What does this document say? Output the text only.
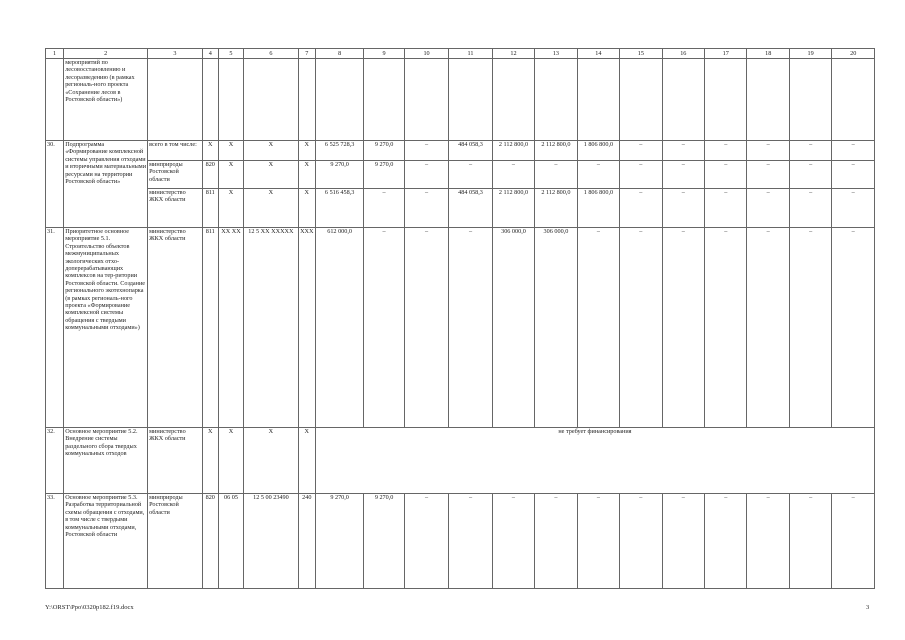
1	2	3	4	5	6	7	8	9	10	11	12	13	14	15	16	17	18	19	20
	мероприятий по лесовосстановлению и лесоразведению (в рамках региональ-ного проекта «Сохранение лесов в Ростовской области»)																		
30.	Подпрограмма «Формирование комплексной системы управления отходами и вторичными материальными ресурсами на территории Ростовской области»	всего в том числе:	Х	Х	Х	Х	6 525 728,3	9 270,0	–	484 058,3	2 112 800,0	2 112 800,0	1 806 800,0	–	–	–	–	–	–
		минприроды Ростовской области	820	Х	Х	Х	9 270,0	9 270,0	–	–	–	–	–	–	–	–	–	–	–
		министерство ЖКХ области	811	Х	Х	Х	6 516 458,3	–	–	484 058,3	2 112 800,0	2 112 800,0	1 806 800,0	–	–	–	–	–	–
31.	Приоритетное основное мероприятие 5.1. Строительство объектов межмуниципальных экологических отхо-доперерабатывающих комплексов на тер-ритории Ростовской области. Создание регионального экотехнопарка (в рамках региональ-ного проекта «Формирование комплексной системы обращения с твердыми коммунальными отходами»)	министерство ЖКХ области	811	ХХ ХХ	12 5 ХХ ХХХХХ	ХХХ	612 000,0	–	–	–	306 000,0	306 000,0	–	–	–	–	–	–	–
32.	Основное мероприятие 5.2. Внедрение системы раздельного сбора твердых коммунальных отходов	министерство ЖКХ области	Х	Х	Х	Х	не требует финансирования												
33.	Основное мероприятие 5.3. Разработка территориальной схемы обращения с отходами, в том числе с твердыми коммунальными отходами, Ростовской области	минприроды Ростовской области	820	06 05	12 5 00 23490	240	9 270,0	9 270,0	–	–	–	–	–	–	–	–	–	–	–
Y:\ORST\Ppo\0320p182.f19.docx	3
